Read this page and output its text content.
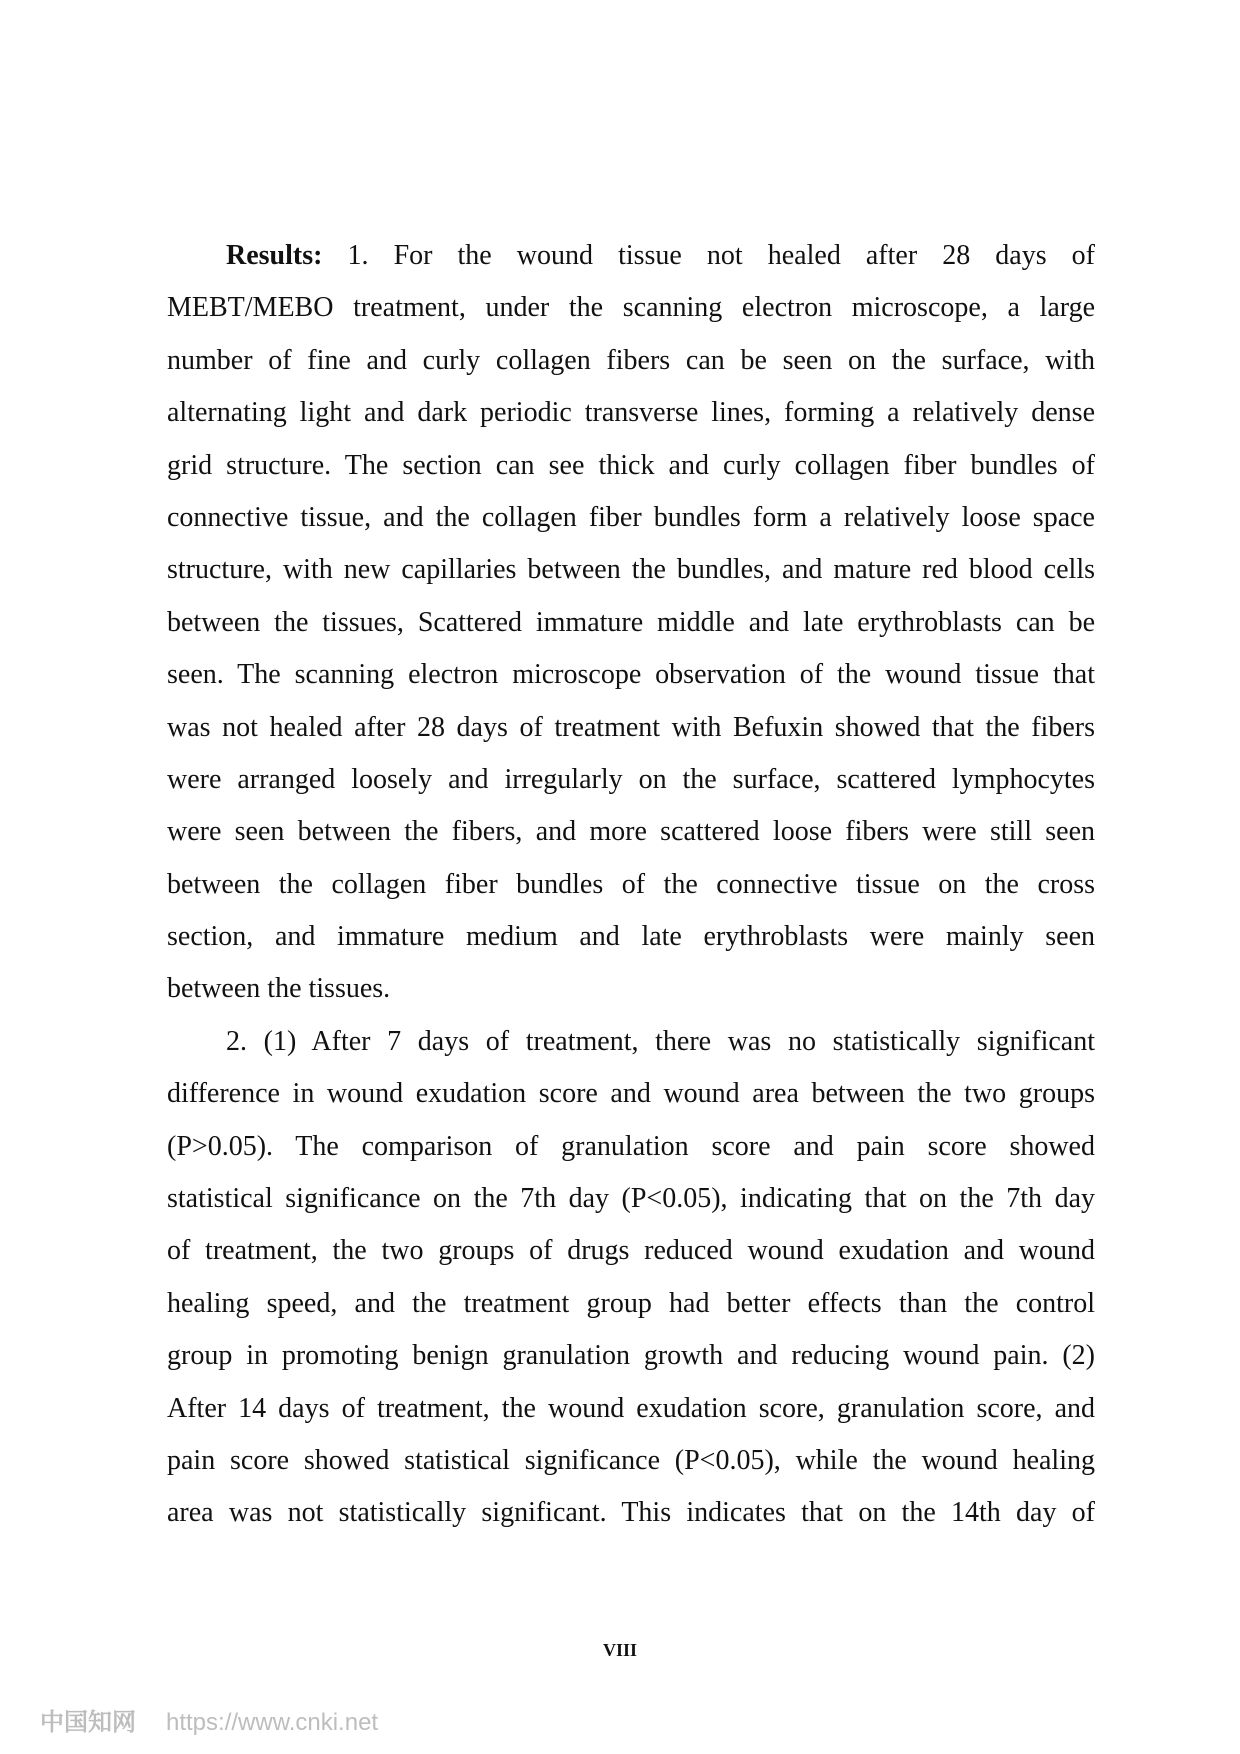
Results: 1. For the wound tissue not healed after 28 days of
MEBT/MEBO treatment, under the scanning electron microscope, a large
number of fine and curly collagen fibers can be seen on the surface, with
alternating light and dark periodic transverse lines, forming a relatively dense
grid structure. The section can see thick and curly collagen fiber bundles of
connective tissue, and the collagen fiber bundles form a relatively loose space
structure, with new capillaries between the bundles, and mature red blood cells
between the tissues, Scattered immature middle and late erythroblasts can be
seen. The scanning electron microscope observation of the wound tissue that
was not healed after 28 days of treatment with Befuxin showed that the fibers
were arranged loosely and irregularly on the surface, scattered lymphocytes
were seen between the fibers, and more scattered loose fibers were still seen
between the collagen fiber bundles of the connective tissue on the cross
section, and immature medium and late erythroblasts were mainly seen
between the tissues.
2. (1) After 7 days of treatment, there was no statistically significant
difference in wound exudation score and wound area between the two groups
(P>0.05). The comparison of granulation score and pain score showed
statistical significance on the 7th day (P<0.05), indicating that on the 7th day
of treatment, the two groups of drugs reduced wound exudation and wound
healing speed, and the treatment group had better effects than the control
group in promoting benign granulation growth and reducing wound pain. (2)
After 14 days of treatment, the wound exudation score, granulation score, and
pain score showed statistical significance (P<0.05), while the wound healing
area was not statistically significant. This indicates that on the 14th day of
VIII
中国知网 https://www.cnki.net
